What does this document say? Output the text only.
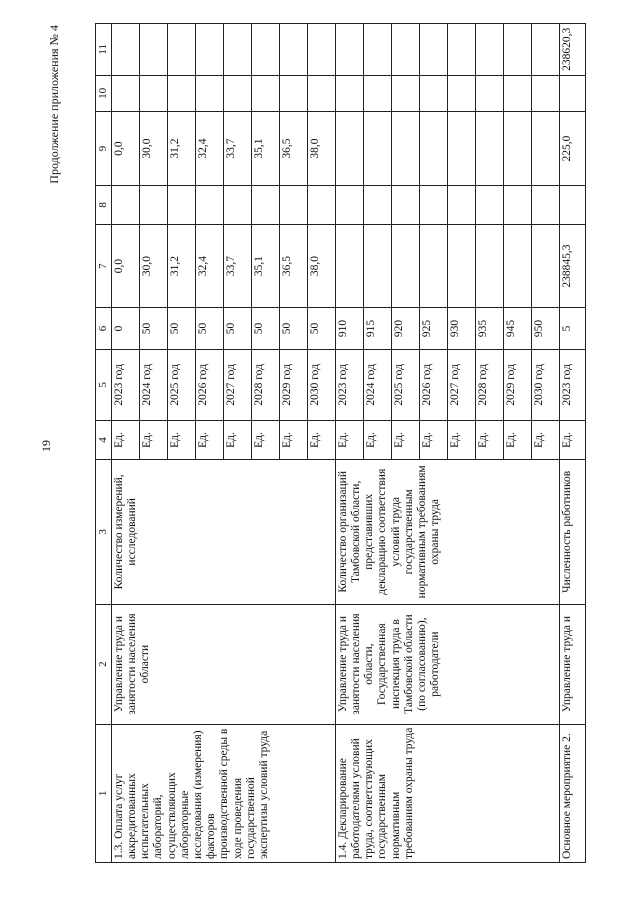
19
Продолжение приложения № 4
1	2	3	4	5	6	7	8	9	10	11
1.3. Оплата услуг аккредитованных испытательных лабораторий, осуществляющих лабораторные исследования (измерения) факторов производственной среды в ходе проведения государственной экспертизы условий труда	Управление труда и занятости населения области	Количество измерений, исследований	Ед.	2023 год	0	0,0		0,0		
			Ед.	2024 год	50	30,0		30,0		
			Ед.	2025 год	50	31,2		31,2		
			Ед.	2026 год	50	32,4		32,4		
			Ед.	2027 год	50	33,7		33,7		
			Ед.	2028 год	50	35,1		35,1		
			Ед.	2029 год	50	36,5		36,5		
			Ед.	2030 год	50	38,0		38,0		
1.4. Декларирование работодателями условий труда, соответствующих государственным нормативным требованиям охраны труда	Управление труда и занятости населения области, Государственная инспекция труда в Тамбовской области (по согласованию), работодатели	Количество организаций Тамбовской области, представивших декларацию соответствия условий труда государственным нормативным требованиям охраны труда	Ед.	2023 год	910					
			Ед.	2024 год	915					
			Ед.	2025 год	920					
			Ед.	2026 год	925					
			Ед.	2027 год	930					
			Ед.	2028 год	935					
			Ед.	2029 год	945					
			Ед.	2030 год	950					
Основное мероприятие 2.	Управление труда и	Численность работников	Ед.	2023 год	5	238845,3		225,0		238620,3
